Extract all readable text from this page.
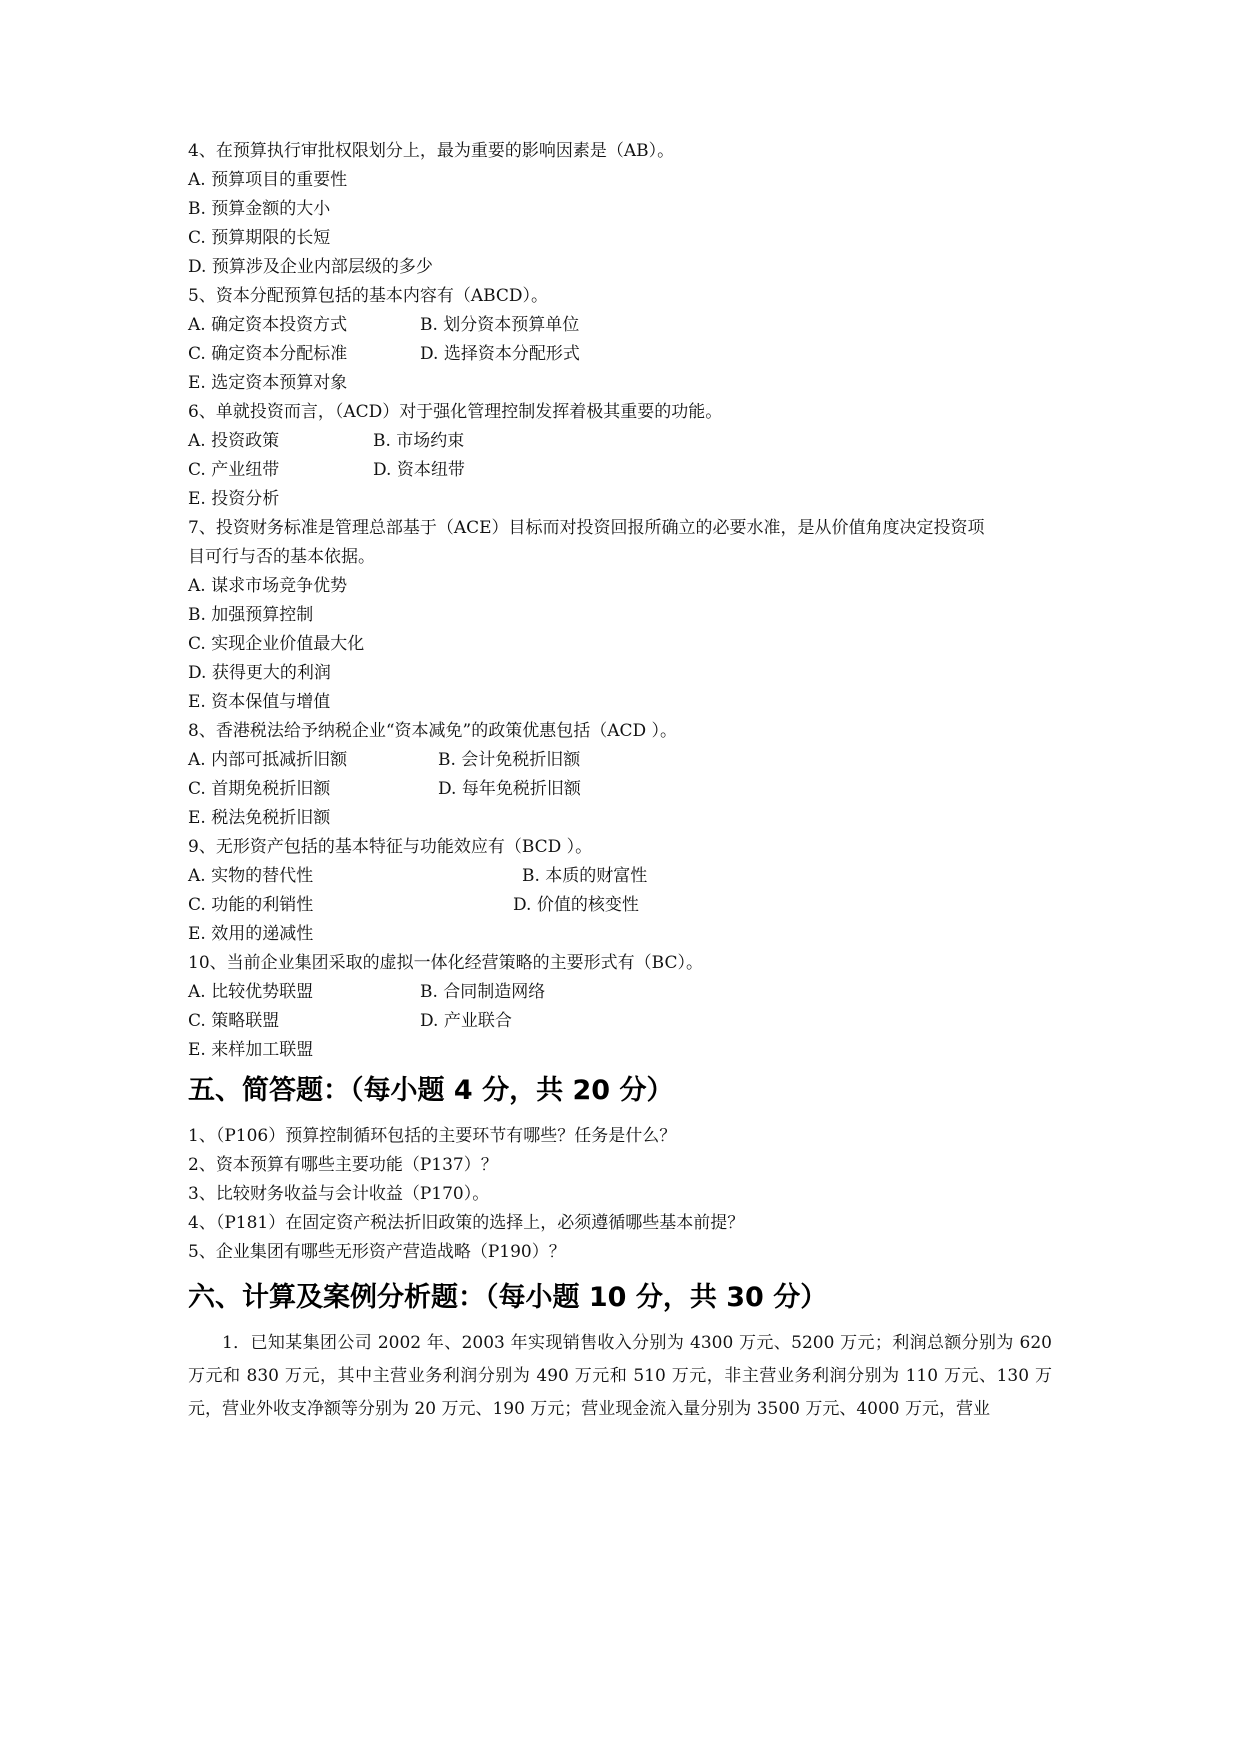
4、在预算执行审批权限划分上，最为重要的影响因素是（AB）。
A. 预算项目的重要性
B. 预算金额的大小
C. 预算期限的长短
D. 预算涉及企业内部层级的多少
5、资本分配预算包括的基本内容有（ABCD）。
A. 确定资本投资方式	B. 划分资本预算单位
C. 确定资本分配标准	D. 选择资本分配形式
E. 选定资本预算对象
6、单就投资而言，（ACD）对于强化管理控制发挥着极其重要的功能。
A. 投资政策	B. 市场约束
C. 产业纽带	D. 资本纽带
E. 投资分析
7、投资财务标准是管理总部基于（ACE）目标而对投资回报所确立的必要水准，是从价值角度决定投资项
目可行与否的基本依据。
A. 谋求市场竞争优势
B. 加强预算控制
C. 实现企业价值最大化
D. 获得更大的利润
E. 资本保值与增值
8、香港税法给予纳税企业“资本减免”的政策优惠包括（ACD ）。
A. 内部可抵减折旧额	B. 会计免税折旧额
C. 首期免税折旧额	D. 每年免税折旧额
E. 税法免税折旧额
9、无形资产包括的基本特征与功能效应有（BCD ）。
A. 实物的替代性	B. 本质的财富性
C. 功能的利销性	D. 价值的核变性
E. 效用的递减性
10、当前企业集团采取的虚拟一体化经营策略的主要形式有（BC）。
A. 比较优势联盟	B. 合同制造网络
C. 策略联盟	D. 产业联合
E. 来样加工联盟
五、简答题：（每小题 4 分，共 20 分）
1、（P106）预算控制循环包括的主要环节有哪些？任务是什么？
2、资本预算有哪些主要功能（P137）？
3、比较财务收益与会计收益（P170）。
4、（P181）在固定资产税法折旧政策的选择上，必须遵循哪些基本前提？
5、企业集团有哪些无形资产营造战略（P190）？
六、计算及案例分析题：（每小题 10 分，共 30 分）
1．已知某集团公司 2002 年、2003 年实现销售收入分别为 4300 万元、5200 万元；利润总额分别为 620 万元和 830 万元，其中主营业务利润分别为 490 万元和 510 万元，非主营业务利润分别为 110 万元、130 万元，营业外收支净额等分别为 20 万元、190 万元；营业现金流入量分别为 3500 万元、4000 万元，营业
